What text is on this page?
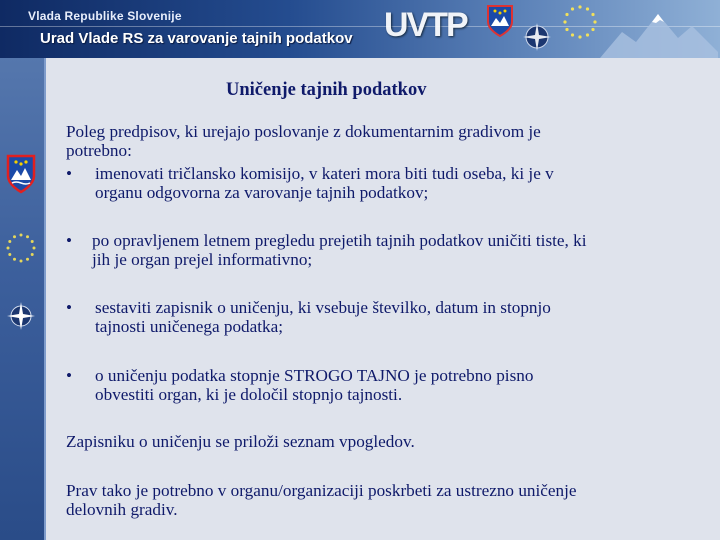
Vlada Republike Slovenije
Urad Vlade RS za varovanje tajnih podatkov UVTP
Uničenje tajnih podatkov
Poleg predpisov, ki urejajo poslovanje z dokumentarnim gradivom je
potrebno:
• imenovati tričlansko komisijo, v kateri mora biti tudi oseba, ki je v
organu odgovorna za varovanje tajnih podatkov;
• po opravljenem letnem pregledu prejetih tajnih podatkov uničiti tiste, ki
jih je organ prejel informativno;
• sestaviti zapisnik o uničenju, ki vsebuje številko, datum in stopnjo
tajnosti uničenega podatka;
• o uničenju podatka stopnje STROGO TAJNO je potrebno pisno
obvestiti organ, ki je določil stopnjo tajnosti.
Zapisniku o uničenju se priloži seznam vpogledov.
Prav tako je potrebno v organu/organizaciji poskrbeti za ustrezno uničenje
delovnih gradiv.
